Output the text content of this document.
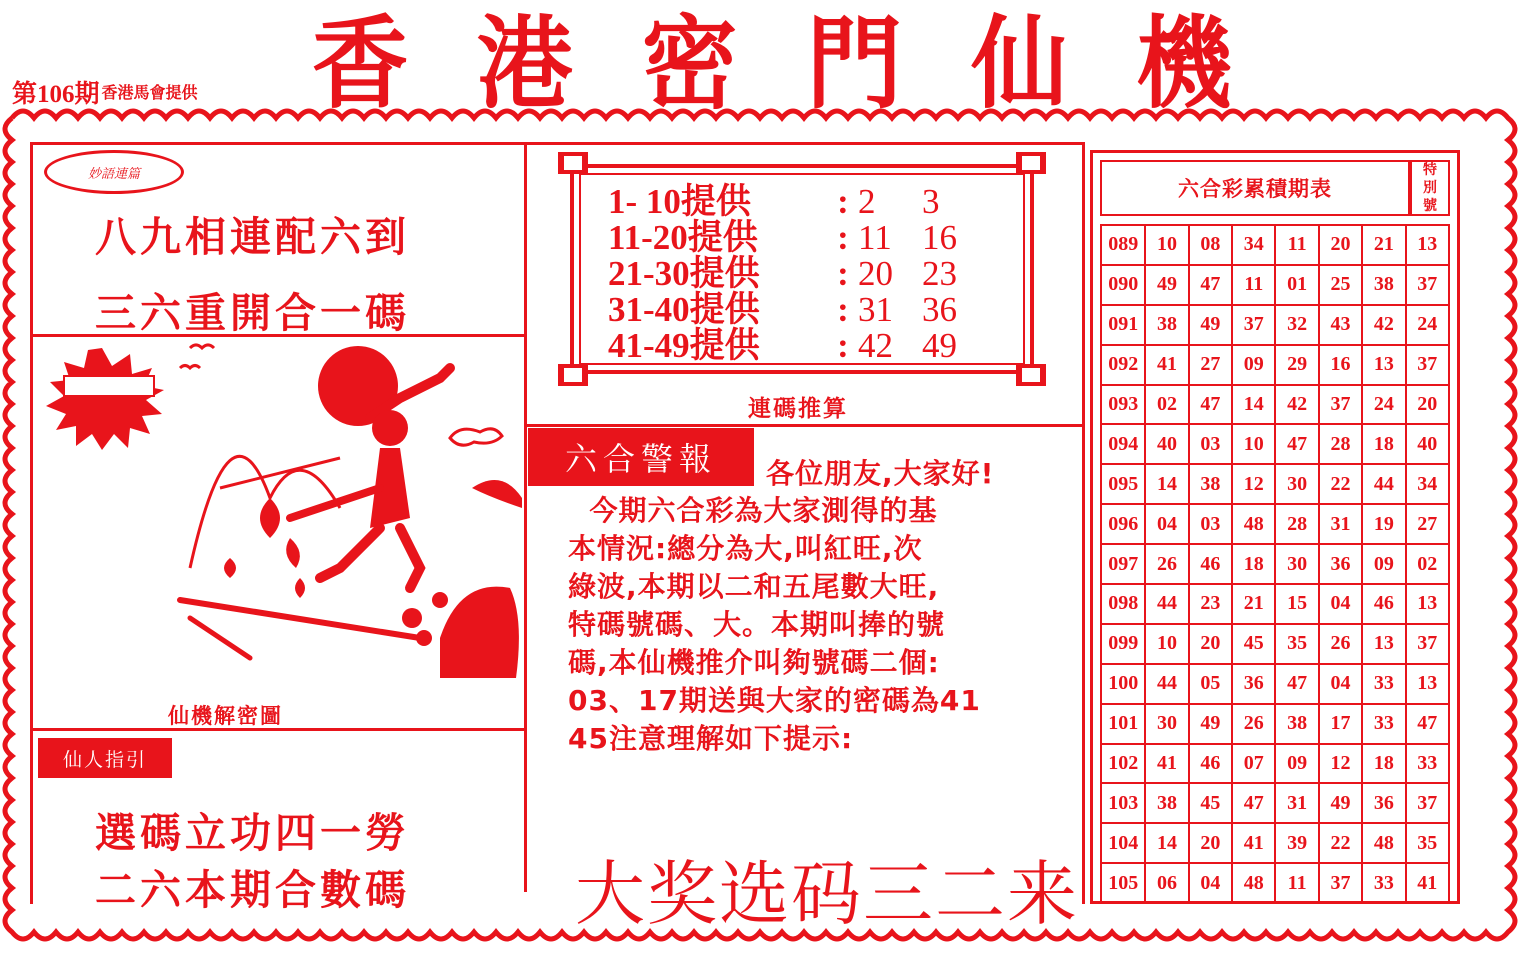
第106期 $^{香港馬會提供}$ 香 港 密 門 仙 機
妙語連篇
八九相連配六到
三六重開合一碼
仙機解密圖
仙人指引
選碼立功四一勞
二六本期合數碼
1- 10提供 : 2 3
11-20提供 : 11 16
21-30提供 : 20 23
31-40提供 : 31 36
41-49提供 : 42 49
連碼推算
六合警報	各位朋友,大家好!

今期六合彩為大家測得的基

本情況:總分為大,叫紅旺,次

綠波,本期以二和五尾數大旺,

特碼號碼、大。本期叫捧的號

碼,本仙機推介叫夠號碼二個:

03、17期送與大家的密碼為41

45注意理解如下提示:

大奖选码三二来
六合彩累積期表
特
別
號
089	10	08	34	11	20	21	13
090	49	47	11	01	25	38	37
091	38	49	37	32	43	42	24
092	41	27	09	29	16	13	37
093	02	47	14	42	37	24	20
094	40	03	10	47	28	18	40
095	14	38	12	30	22	44	34
096	04	03	48	28	31	19	27
097	26	46	18	30	36	09	02
098	44	23	21	15	04	46	13
099	10	20	45	35	26	13	37
100	44	05	36	47	04	33	13
101	30	49	26	38	17	33	47
102	41	46	07	09	12	18	33
103	38	45	47	31	49	36	37
104	14	20	41	39	22	48	35
105	06	04	48	11	37	33	41
